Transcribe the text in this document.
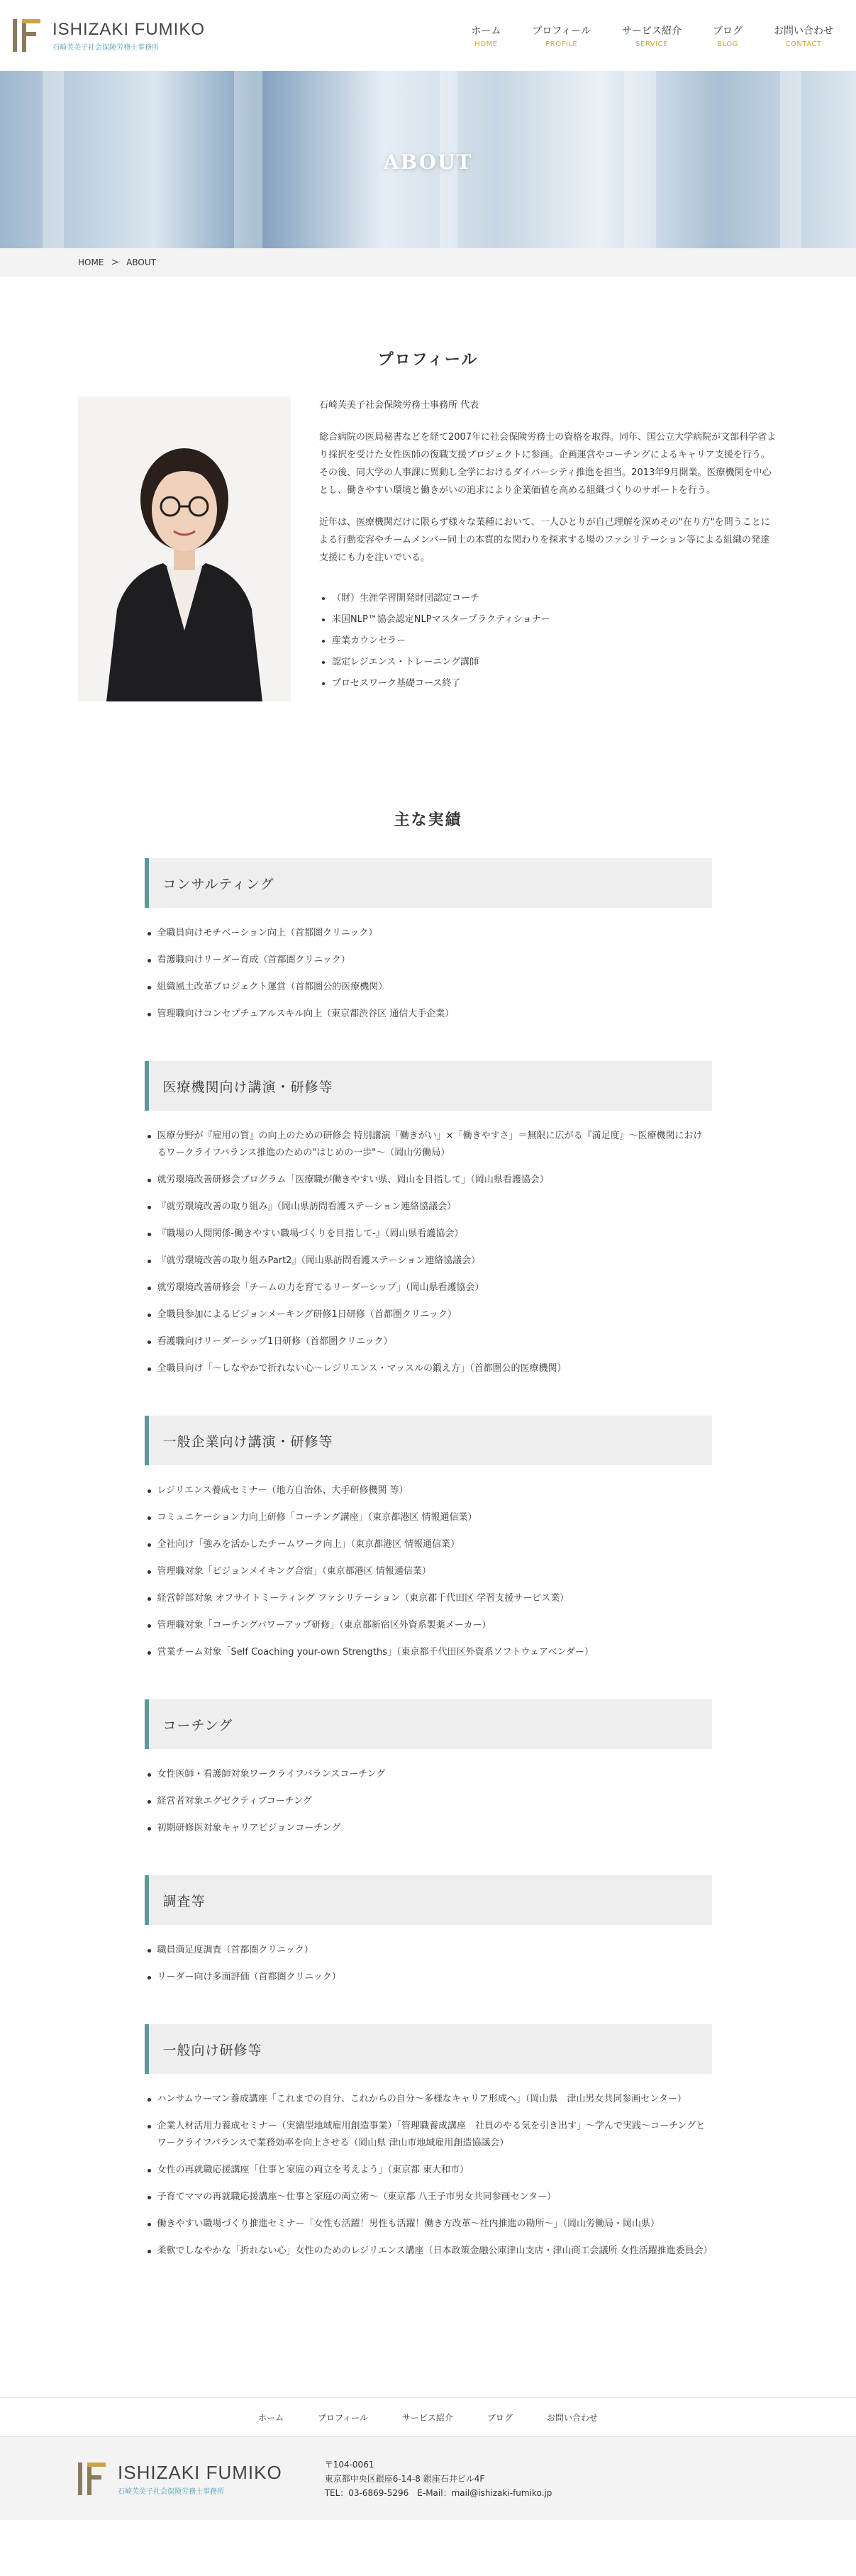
ISHIZAKI FUMIKO
石崎芙美子社会保険労務士事務所
ホーム
HOME
プロフィール
PROFILE
サービス紹介
SERVICE
ブログ
BLOG
お問い合わせ
CONTACT
ABOUT
HOME > ABOUT
プロフィール

石崎芙美子社会保険労務士事務所 代表

総合病院の医局秘書などを経て2007年に社会保険労務士の資格を取得。同年、国公立大学病院が文部科学省より採択を受けた女性医師の復職支援プロジェクトに参画。企画運営やコーチングによるキャリア支援を行う。その後、同大学の人事課に異動し全学におけるダイバーシティ推進を担当。2013年9月開業。医療機関を中心とし、働きやすい環境と働きがいの追求により企業価値を高める組織づくりのサポートを行う。

近年は、医療機関だけに限らず様々な業種において、一人ひとりが自己理解を深めその"在り方"を問うことによる行動変容やチームメンバー同士の本質的な関わりを探求する場のファシリテーション等による組織の発達支援にも力を注いでいる。

• （財）生涯学習開発財団認定コーチ
• 米国NLP™協会認定NLPマスタープラクティショナー
• 産業カウンセラー
• 認定レジエンス・トレーニング講師
• プロセスワーク基礎コース終了
主な実績
コンサルティング
全職員向けモチベーション向上（首都圏クリニック）
看護職向けリーダー育成（首都圏クリニック）
組織風土改革プロジェクト運営（首都圏公的医療機関）
管理職向けコンセプチュアルスキル向上（東京都渋谷区 通信大手企業）
医療機関向け講演・研修等
医療分野が『雇用の質』の向上のための研修会 特別講演「働きがい」×「働きやすさ」＝無限に広がる『満足度』～医療機関におけるワークライフバランス推進のための"はじめの一歩"～（岡山労働局）
就労環境改善研修会プログラム「医療職が働きやすい県、岡山を目指して」（岡山県看護協会）
『就労環境改善の取り組み』（岡山県訪問看護ステーション連絡協議会）
『職場の人間関係-働きやすい職場づくりを目指して-』（岡山県看護協会）
『就労環境改善の取り組みPart2』（岡山県訪問看護ステーション連絡協議会）
就労環境改善研修会「チームの力を育てるリーダーシップ」（岡山県看護協会）
全職員参加によるビジョンメーキング研修1日研修（首都圏クリニック）
看護職向けリーダーシップ1日研修（首都圏クリニック）
全職員向け「～しなやかで折れない心～レジリエンス・マッスルの鍛え方」（首都圏公的医療機関）
一般企業向け講演・研修等
レジリエンス養成セミナー（地方自治体、大手研修機関 等）
コミュニケーション力向上研修「コーチング講座」（東京都港区 情報通信業）
全社向け「強みを活かしたチームワーク向上」（東京都港区 情報通信業）
管理職対象「ビジョンメイキング合宿」（東京都港区 情報通信業）
経営幹部対象 オフサイトミーティング ファシリテーション（東京都千代田区 学習支援サービス業）
管理職対象「コーチングパワーアップ研修」（東京都新宿区外資系製薬メーカー）
営業チーム対象「Self Coaching your-own Strengths」（東京都千代田区外資系ソフトウェアベンダー）
コーチング
女性医師・看護師対象ワークライフバランスコーチング
経営者対象エグゼクティブコーチング
初期研修医対象キャリアビジョンコーチング
調査等
職員満足度調査（首都圏クリニック）
リーダー向け多面評価（首都圏クリニック）
一般向け研修等
ハンサムウーマン養成講座「これまでの自分、これからの自分～多様なキャリア形成へ」（岡山県　津山男女共同参画センター）
企業人材活用力養成セミナー（実績型地域雇用創造事業）「管理職養成講座　社員のやる気を引き出す」～学んで実践～コーチングとワークライフバランスで業務効率を向上させる（岡山県 津山市地域雇用創造協議会）
女性の再就職応援講座「仕事と家庭の両立を考えよう」（東京都 東大和市）
子育てママの再就職応援講座～仕事と家庭の両立術～（東京都 八王子市男女共同参画センター）
働きやすい職場づくり推進セミナー「女性も活躍！男性も活躍！働き方改革～社内推進の勘所～」（岡山労働局・岡山県）
柔軟でしなやかな「折れない心」女性のためのレジリエンス講座（日本政策金融公庫津山支店・津山商工会議所 女性活躍推進委員会）
ホーム	プロフィール	サービス紹介	ブログ	お問い合わせ
ISHIZAKI FUMIKO
石崎芙美子社会保険労務士事務所
〒104-0061
東京都中央区銀座6-14-8 銀座石井ビル4F
TEL：03-6869-5296　E-Mail：mail@ishizaki-fumiko.jp
